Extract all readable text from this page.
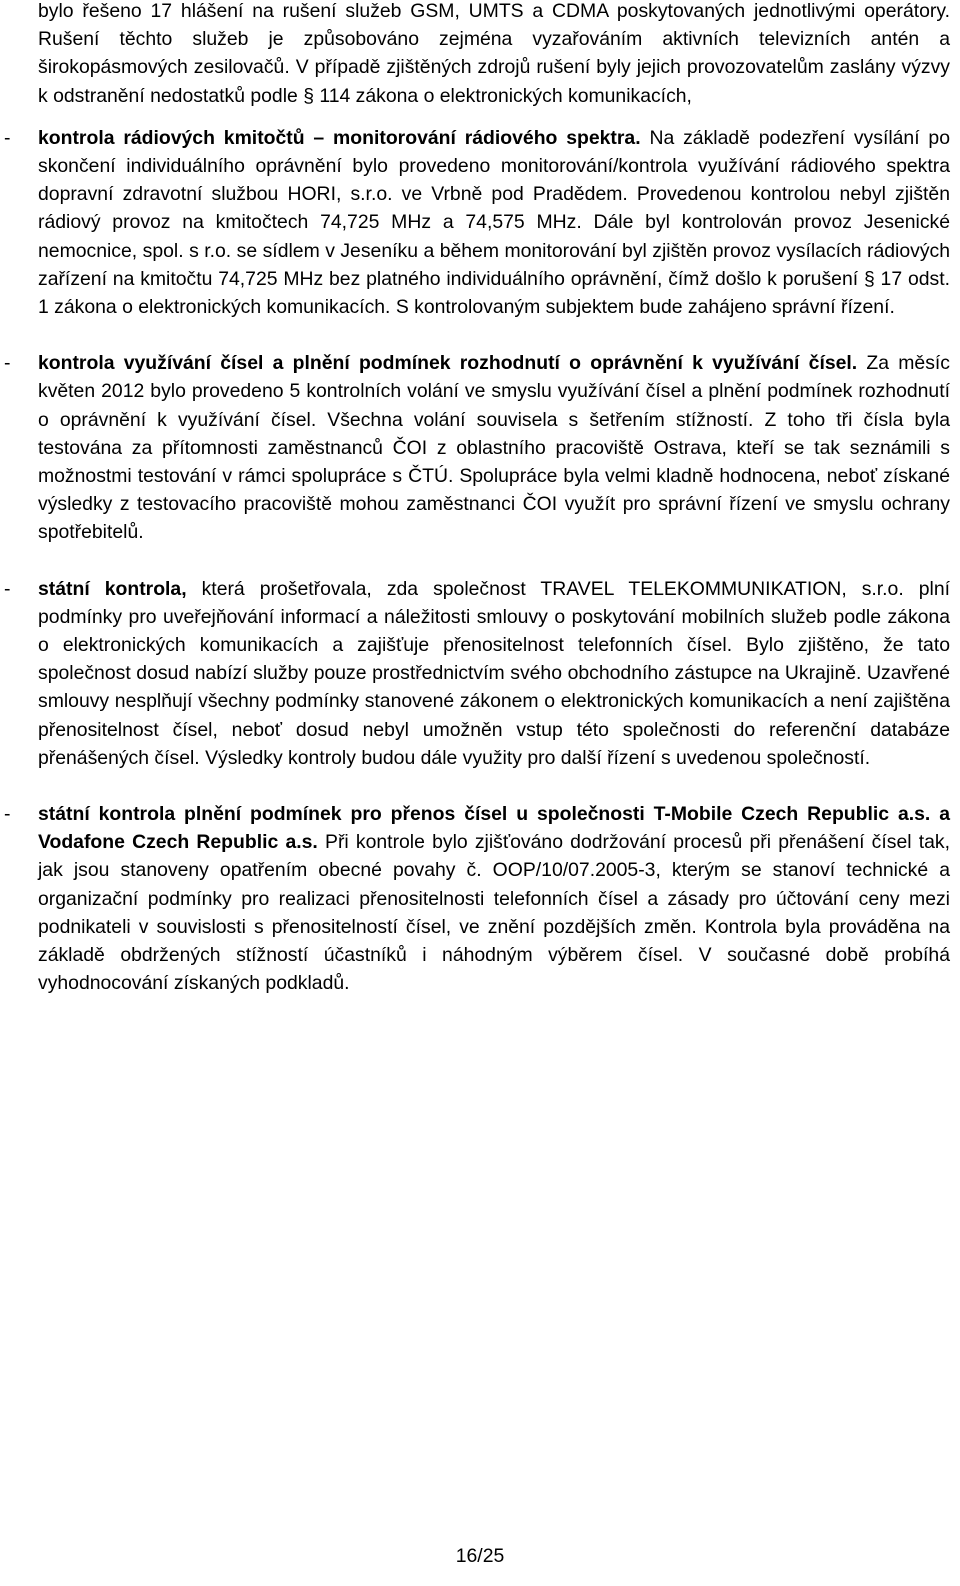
bylo řešeno 17 hlášení na rušení služeb GSM, UMTS a CDMA poskytovaných jednotlivými operátory. Rušení těchto služeb je způsobováno zejména vyzařováním aktivních televizních antén a širokopásmových zesilovačů. V případě zjištěných zdrojů rušení byly jejich provozovatelům zaslány výzvy k odstranění nedostatků podle § 114 zákona o elektronických komunikacích,

- kontrola rádiových kmitočtů – monitorování rádiového spektra. Na základě podezření vysílání po skončení individuálního oprávnění bylo provedeno monitorování/kontrola využívání rádiového spektra dopravní zdravotní službou HORI, s.r.o. ve Vrbně pod Pradědem. Provedenou kontrolou nebyl zjištěn rádiový provoz na kmitočtech 74,725 MHz a 74,575 MHz. Dále byl kontrolován provoz Jesenické nemocnice, spol. s r.o. se sídlem v Jeseníku a během monitorování byl zjištěn provoz vysílacích rádiových zařízení na kmitočtu 74,725 MHz bez platného individuálního oprávnění, čímž došlo k porušení § 17 odst. 1 zákona o elektronických komunikacích. S kontrolovaným subjektem bude zahájeno správní řízení.

- kontrola využívání čísel a plnění podmínek rozhodnutí o oprávnění k využívání čísel. Za měsíc květen 2012 bylo provedeno 5 kontrolních volání ve smyslu využívání čísel a plnění podmínek rozhodnutí o oprávnění k využívání čísel. Všechna volání souvisela s šetřením stížností. Z toho tři čísla byla testována za přítomnosti zaměstnanců ČOI z oblastního pracoviště Ostrava, kteří se tak seznámili s možnostmi testování v rámci spolupráce s ČTÚ. Spolupráce byla velmi kladně hodnocena, neboť získané výsledky z testovacího pracoviště mohou zaměstnanci ČOI využít pro správní řízení ve smyslu ochrany spotřebitelů.

- státní kontrola, která prošetřovala, zda společnost TRAVEL TELEKOMMUNIKATION, s.r.o. plní podmínky pro uveřejňování informací a náležitosti smlouvy o poskytování mobilních služeb podle zákona o elektronických komunikacích a zajišťuje přenositelnost telefonních čísel. Bylo zjištěno, že tato společnost dosud nabízí služby pouze prostřednictvím svého obchodního zástupce na Ukrajině. Uzavřené smlouvy nesplňují všechny podmínky stanovené zákonem o elektronických komunikacích a není zajištěna přenositelnost čísel, neboť dosud nebyl umožněn vstup této společnosti do referenční databáze přenášených čísel. Výsledky kontroly budou dále využity pro další řízení s uvedenou společností.

- státní kontrola plnění podmínek pro přenos čísel u společnosti T-Mobile Czech Republic a.s. a Vodafone Czech Republic a.s. Při kontrole bylo zjišťováno dodržování procesů při přenášení čísel tak, jak jsou stanoveny opatřením obecné povahy č. OOP/10/07.2005-3, kterým se stanoví technické a organizační podmínky pro realizaci přenositelnosti telefonních čísel a zásady pro účtování ceny mezi podnikateli v souvislosti s přenositelností čísel, ve znění pozdějších změn. Kontrola byla prováděna na základě obdržených stížností účastníků i náhodným výběrem čísel. V současné době probíhá vyhodnocování získaných podkladů.

16/25
